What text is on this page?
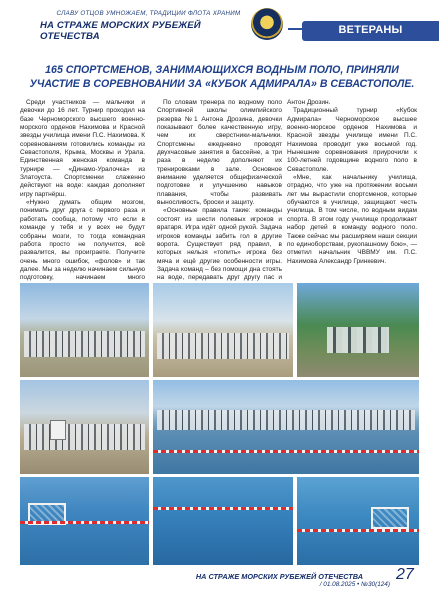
СЛАВУ ОТЦОВ УМНОЖАЕМ, ТРАДИЦИИ ФЛОТА ХРАНИМ
НА СТРАЖЕ МОРСКИХ РУБЕЖЕЙ ОТЕЧЕСТВА
ВЕТЕРАНЫ
165 СПОРТСМЕНОВ, ЗАНИМАЮЩИХСЯ ВОДНЫМ ПОЛО, ПРИНЯЛИ УЧАСТИЕ В СОРЕВНОВАНИИ ЗА «КУБОК АДМИРАЛА» В СЕВАСТОПОЛЕ.

Среди участников — мальчики и девочки до 16 лет. Турнир проходил на базе Черноморского высшего военно-морского орденов Нахимова и Красной звезды училища имени П.С. Нахимова. К соревнованиям готовились команды из Севастополя, Крыма, Москвы и Урала. Единственная женская команда в турнире — «Динамо-Уралочка» из Златоуста. Спортсменки слаженно действуют на воде: каждая дополняет игру партнёрш.

«Нужно думать общим мозгом, понимать друг друга с первого раза и работать сообща, потому что если в команде у тебя и у всех не будут собраны мозги, то тогда командная работа просто не получится, всё развалится, вы проиграете. Получите очень много ошибок, «фолов» и так далее. Мы за неделю начинаем сильную подготовку, начинаем много

По словам тренера по водному поло Спортивной школы олимпийского резерва №1 Антона Дрозина, девочки показывают более качественную игру, чем их сверстники-мальчики. Спортсмены ежедневно проводят двухчасовые занятия в бассейне, а три раза в неделю дополняют их тренировками в зале. Основное внимание уделяется общефизической подготовке и улучшению навыков плавания, чтобы развивать выносливость, броски и защиту.

«Основные правила такие: команды состоят из шести полевых игроков и вратаря. Игра идёт одной рукой. Задача игроков команды забить гол в другие ворота. Существует ряд правил, в которых нельзя «топить» игрока без мяча и ещё другие особенности игры. Задача команд – без помощи дна стоять на воде, передавать друг другу пас и

Антон Дрозин.

Традиционный турнир «Кубок Адмирала» Черноморское высшее военно-морское орденов Нахимова и Красной звезды училище имени П.С. Нахимова проводит уже восьмой год. Нынешние соревнования приурочили к 100-летней годовщине водного поло в Севастополе.

«Мне, как начальнику училища, отрадно, что уже на протяжении восьми лет мы вырастили спортсменов, которые обучаются в училище, защищают честь училища. В том числе, по водным видам спорта. В этом году училище продолжает набор детей в команду водного поло. Также сейчас мы расширяем наши секции по единоборствам, рукопашному бою», — отметил начальник ЧВВМУ им. П.С. Нахимова Александр Гринкевич.

НА СТРАЖЕ МОРСКИХ РУБЕЖЕЙ ОТЕЧЕСТВА
/ 01.08.2025 • №30(124)
27
